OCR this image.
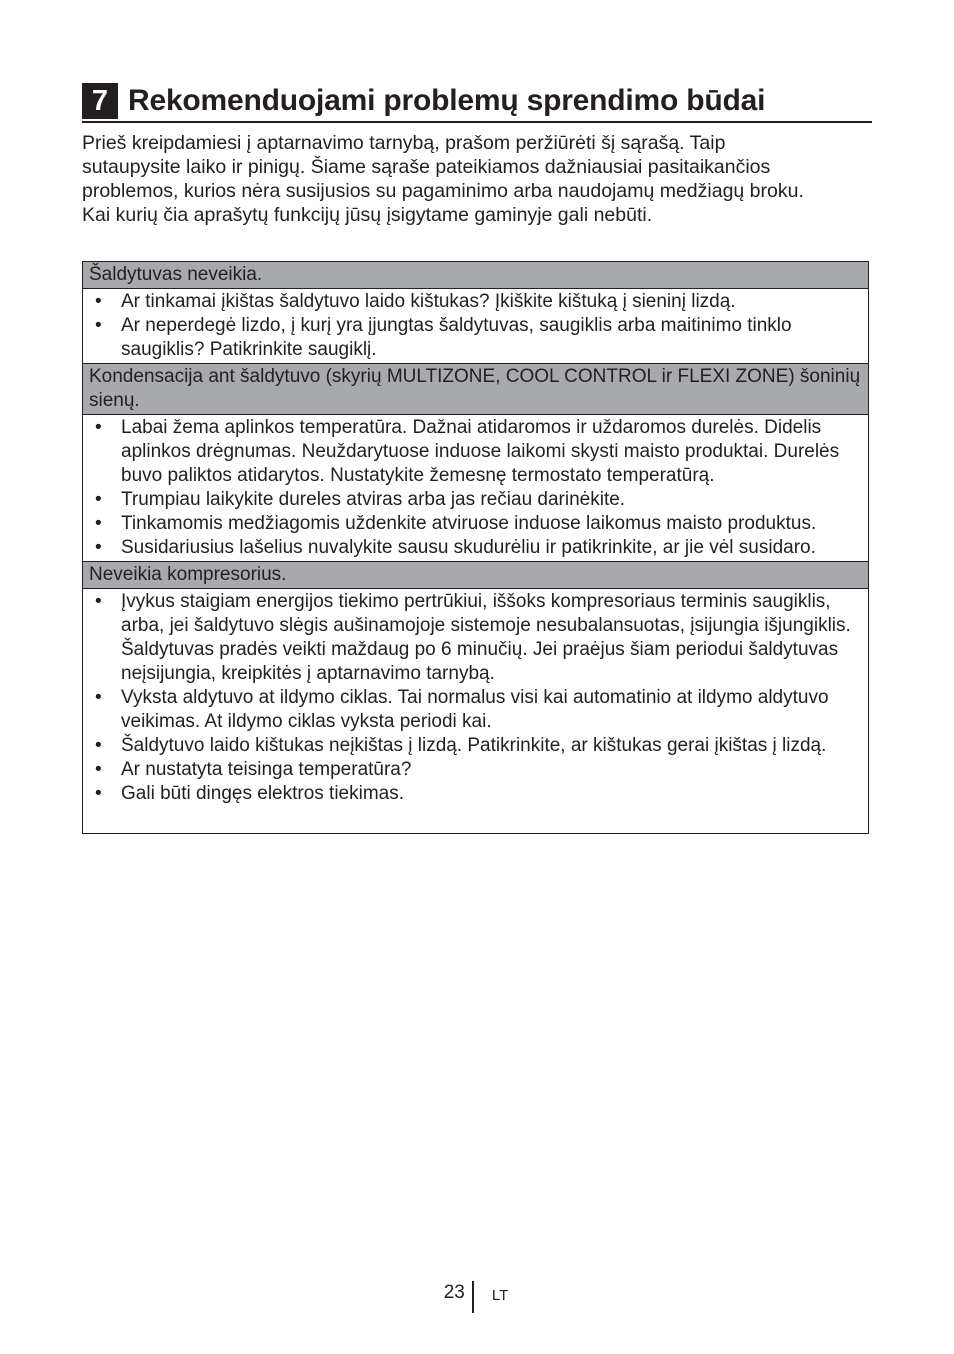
7 Rekomenduojami problemų sprendimo būdai

Prieš kreipdamiesi į aptarnavimo tarnybą, prašom peržiūrėti šį sąrašą. Taip
sutaupysite laiko ir pinigų. Šiame sąraše pateikiamos dažniausiai pasitaikančios
problemos, kurios nėra susijusios su pagaminimo arba naudojamų medžiagų broku.
Kai kurių čia aprašytų funkcijų jūsų įsigytame gaminyje gali nebūti.

Šaldytuvas neveikia.

• Ar tinkamai įkištas šaldytuvo laido kištukas? Įkiškite kištuką į sieninį lizdą.
• Ar neperdegė lizdo, į kurį yra įjungtas šaldytuvas, saugiklis arba maitinimo tinklo saugiklis? Patikrinkite saugiklį.

Kondensacija ant šaldytuvo (skyrių MULTIZONE, COOL CONTROL ir FLEXI ZONE) šoninių sienų.

• Labai žema aplinkos temperatūra. Dažnai atidaromos ir uždaromos durelės. Didelis aplinkos drėgnumas. Neuždarytuose induose laikomi skysti maisto produktai. Durelės buvo paliktos atidarytos. Nustatykite žemesnę termostato temperatūrą.
• Trumpiau laikykite dureles atviras arba jas rečiau darinėkite.
• Tinkamomis medžiagomis uždenkite atviruose induose laikomus maisto produktus.
• Susidariusius lašelius nuvalykite sausu skudurėliu ir patikrinkite, ar jie vėl susidaro.

Neveikia kompresorius.

• Įvykus staigiam energijos tiekimo pertrūkiui, iššoks kompresoriaus terminis saugiklis, arba, jei šaldytuvo slėgis aušinamojoje sistemoje nesubalansuotas, įsijungia išjungiklis. Šaldytuvas pradės veikti maždaug po 6 minučių. Jei praėjus šiam periodui šaldytuvas neįsijungia, kreipkitės į aptarnavimo tarnybą.
• Vyksta aldytuvo at ildymo ciklas. Tai normalus visi kai automatinio at ildymo aldytuvo veikimas. At ildymo ciklas vyksta periodi kai.
• Šaldytuvo laido kištukas neįkištas į lizdą. Patikrinkite, ar kištukas gerai įkištas į lizdą.
• Ar nustatyta teisinga temperatūra?
• Gali būti dingęs elektros tiekimas.
23 LT
